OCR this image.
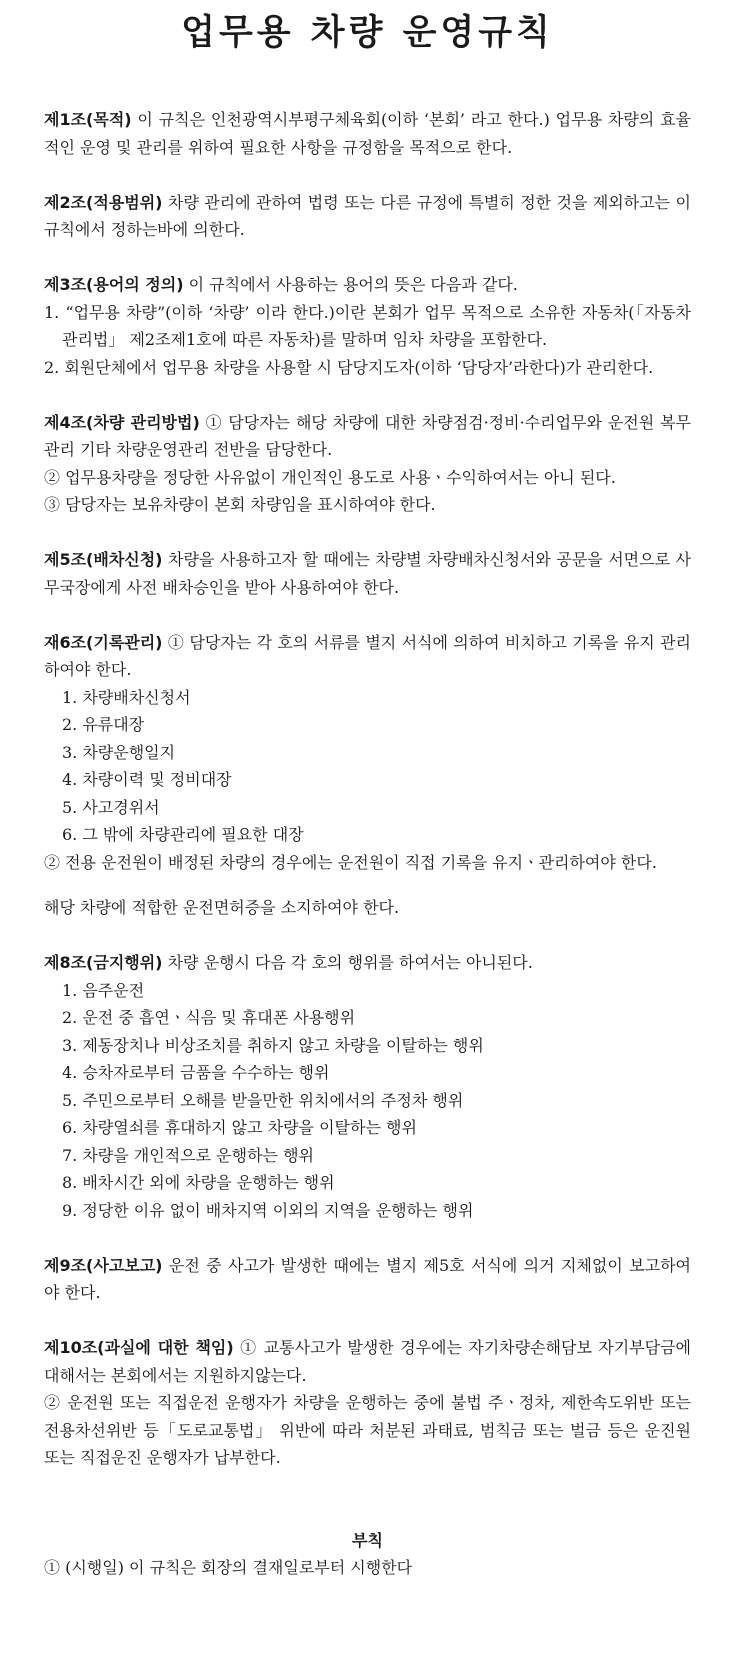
업무용 차량 운영규칙

제1조(목적) 이 규칙은 인천광역시부평구체육회(이하 ‘본회’ 라고 한다.) 업무용 차량의 효율적인 운영 및 관리를 위하여 필요한 사항을 규정함을 목적으로 한다.

제2조(적용범위) 차량 관리에 관하여 법령 또는 다른 규정에 특별히 정한 것을 제외하고는 이 규칙에서 정하는바에 의한다.

제3조(용어의 정의) 이 규칙에서 사용하는 용어의 뜻은 다음과 같다.

1. “업무용 차량”(이하 ‘차량’ 이라 한다.)이란 본회가 업무 목적으로 소유한 자동차(「자동차관리법」 제2조제1호에 따른 자동차)를 말하며 임차 차량을 포함한다.

2. 회원단체에서 업무용 차량을 사용할 시 담당지도자(이하 ‘담당자’라한다)가 관리한다.

제4조(차량 관리방법) ① 담당자는 해당 차량에 대한 차량점검·정비·수리업무와 운전원 복무관리 기타 차량운영관리 전반을 담당한다.

② 업무용차량을 정당한 사유없이 개인적인 용도로 사용ㆍ수익하여서는 아니 된다.

③ 담당자는 보유차량이 본회 차량임을 표시하여야 한다.

제5조(배차신청) 차량을 사용하고자 할 때에는 차량별 차량배차신청서와 공문을 서면으로 사무국장에게 사전 배차승인을 받아 사용하여야 한다.

재6조(기록관리) ① 담당자는 각 호의 서류를 별지 서식에 의하여 비치하고 기록을 유지 관리하여야 한다.

1. 차량배차신청서
2. 유류대장
3. 차량운행일지
4. 차량이력 및 정비대장
5. 사고경위서
6. 그 밖에 차량관리에 필요한 대장

② 전용 운전원이 배정된 차량의 경우에는 운전원이 직접 기록을 유지ㆍ관리하여야 한다.

해당 차량에 적합한 운전면허증을 소지하여야 한다.

제8조(금지행위) 차량 운행시 다음 각 호의 행위를 하여서는 아니된다.

1. 음주운전
2. 운전 중 흡연ㆍ식음 및 휴대폰 사용행위
3. 제동장치나 비상조치를 취하지 않고 차량을 이탈하는 행위
4. 승차자로부터 금품을 수수하는 행위
5. 주민으로부터 오해를 받을만한 위치에서의 주정차 행위
6. 차량열쇠를 휴대하지 않고 차량을 이탈하는 행위
7. 차량을 개인적으로 운행하는 행위
8. 배차시간 외에 차량을 운행하는 행위
9. 정당한 이유 없이 배차지역 이외의 지역을 운행하는 행위

제9조(사고보고) 운전 중 사고가 발생한 때에는 별지 제5호 서식에 의거 지체없이 보고하여야 한다.

제10조(과실에 대한 책임) ① 교통사고가 발생한 경우에는 자기차량손해담보 자기부담금에 대해서는 본회에서는 지원하지않는다.

② 운전원 또는 직접운전 운행자가 차량을 운행하는 중에 불법 주ㆍ정차, 제한속도위반 또는 전용차선위반 등「도로교통법」 위반에 따라 처분된 과태료, 범칙금 또는 벌금 등은 운진원 또는 직접운진 운행자가 납부한다.

부칙

① (시행일) 이 규칙은 회장의 결재일로부터 시행한다
